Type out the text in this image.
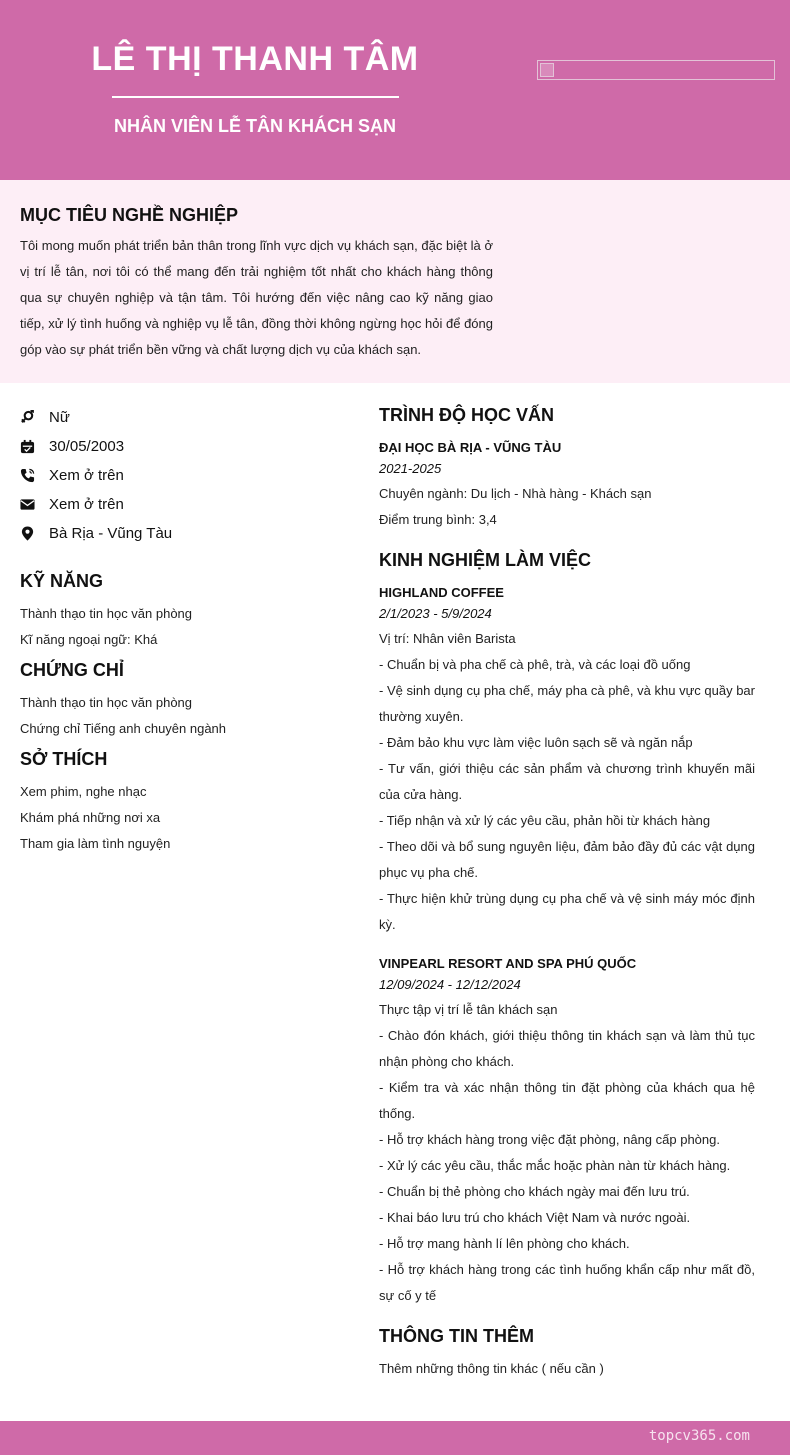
LÊ THỊ THANH TÂM
NHÂN VIÊN LỄ TÂN KHÁCH SẠN
MỤC TIÊU NGHỀ NGHIỆP
Tôi mong muốn phát triển bản thân trong lĩnh vực dịch vụ khách sạn, đặc biệt là ở vị trí lễ tân, nơi tôi có thể mang đến trải nghiệm tốt nhất cho khách hàng thông qua sự chuyên nghiệp và tận tâm. Tôi hướng đến việc nâng cao kỹ năng giao tiếp, xử lý tình huống và nghiệp vụ lễ tân, đồng thời không ngừng học hỏi để đóng góp vào sự phát triển bền vững và chất lượng dịch vụ của khách sạn.
Nữ
30/05/2003
Xem ở trên
Xem ở trên
Bà Rịa - Vũng Tàu
KỸ NĂNG
Thành thạo tin học văn phòng
Kĩ năng ngoại ngữ: Khá
CHỨNG CHỈ
Thành thạo tin học văn phòng
Chứng chỉ Tiếng anh chuyên ngành
SỞ THÍCH
Xem phim, nghe nhạc
Khám phá những nơi xa
Tham gia làm tình nguyện
TRÌNH ĐỘ HỌC VẤN
ĐẠI HỌC BÀ RỊA - VŨNG TÀU
2021-2025
Chuyên ngành: Du lịch - Nhà hàng - Khách sạn
Điểm trung bình: 3,4
KINH NGHIỆM LÀM VIỆC
HIGHLAND COFFEE
2/1/2023 - 5/9/2024
Vị trí: Nhân viên Barista
- Chuẩn bị và pha chế cà phê, trà, và các loại đồ uống
- Vệ sinh dụng cụ pha chế, máy pha cà phê, và khu vực quầy bar thường xuyên.
- Đảm bảo khu vực làm việc luôn sạch sẽ và ngăn nắp
- Tư vấn, giới thiệu các sản phẩm và chương trình khuyến mãi của cửa hàng.
- Tiếp nhận và xử lý các yêu cầu, phản hồi từ khách hàng
- Theo dõi và bổ sung nguyên liệu, đảm bảo đầy đủ các vật dụng phục vụ pha chế.
- Thực hiện khử trùng dụng cụ pha chế và vệ sinh máy móc định kỳ.
VINPEARL RESORT AND SPA PHÚ QUỐC
12/09/2024 - 12/12/2024
Thực tập vị trí lễ tân khách sạn
- Chào đón khách, giới thiệu thông tin khách sạn và làm thủ tục nhận phòng cho khách.
- Kiểm tra và xác nhận thông tin đặt phòng của khách qua hệ thống.
- Hỗ trợ khách hàng trong việc đặt phòng, nâng cấp phòng.
- Xử lý các yêu cầu, thắc mắc hoặc phàn nàn từ khách hàng.
- Chuẩn bị thẻ phòng cho khách ngày mai đến lưu trú.
- Khai báo lưu trú cho khách Việt Nam và nước ngoài.
- Hỗ trợ mang hành lí lên phòng cho khách.
- Hỗ trợ khách hàng trong các tình huống khẩn cấp như mất đồ, sự cố y tế
THÔNG TIN THÊM
Thêm những thông tin khác ( nếu cần )
topcv365.com
